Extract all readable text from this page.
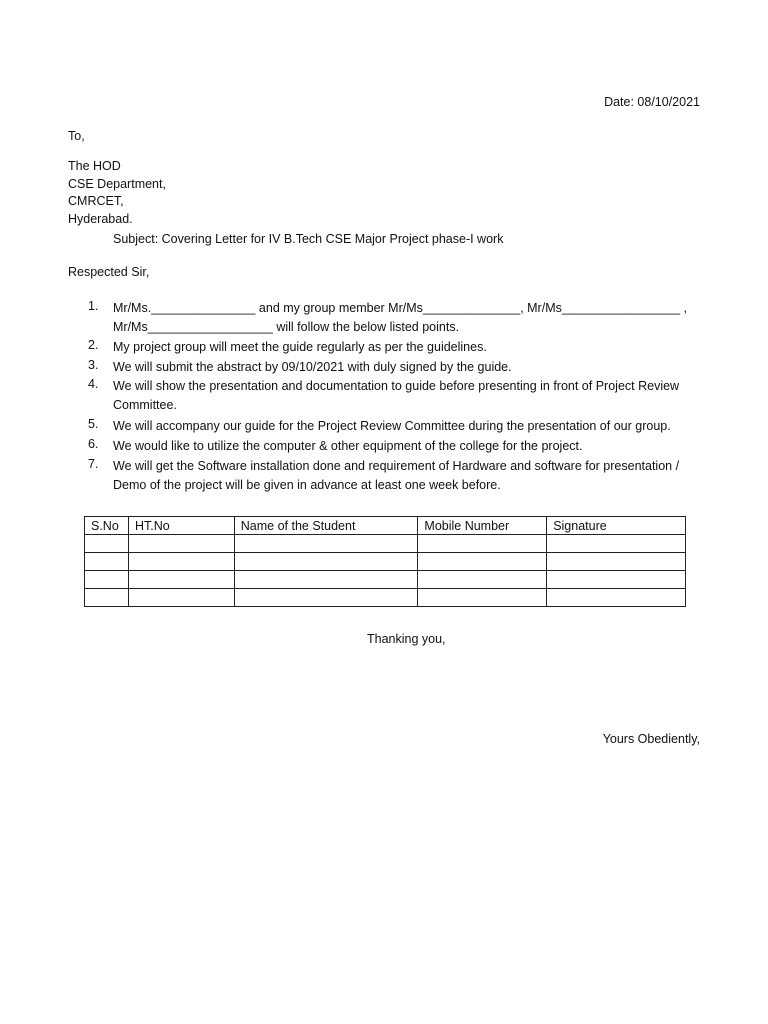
Date: 08/10/2021
To,
The HOD
CSE Department,
CMRCET,
Hyderabad.
Subject: Covering Letter for IV B.Tech CSE Major Project phase-I work
Respected Sir,
1.	Mr/Ms._______________ and my group member Mr/Ms______________, Mr/Ms_________________ ,
Mr/Ms__________________ will follow the below listed points.
2.	My project group will meet the guide regularly as per the guidelines.
3.	We will submit the abstract by 09/10/2021 with duly signed by the guide.
4.	We will show the presentation and documentation to guide before presenting in front of Project Review
Committee.
5.	We will accompany our guide for the Project Review Committee during the presentation of our group.
6.	We would like to utilize the computer & other equipment of the college for the project.
7.	We will get the Software installation done and requirement of Hardware and software for presentation /
Demo of the project will be given in advance at least one week before.
S.No	HT.No	Name of the Student	Mobile Number	Signature

Thanking you,
Yours Obediently,
